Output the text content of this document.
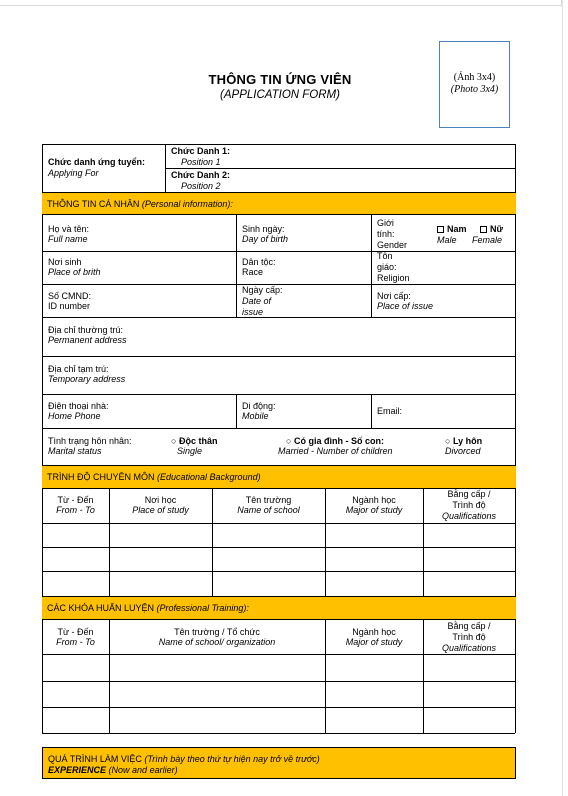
(Ảnh 3x4)
(Photo 3x4)
THÔNG TIN ỨNG VIÊN
(APPLICATION FORM)
Chức danh ứng tuyển:
Applying For
Chức Danh 1:
Position 1
Chức Danh 2:
Position 2
THÔNG TIN CÁ NHÂN (Personal information):
Họ và tên:
Full name
Sinh ngày:
Day of birth
Giới
tính:
Gender
Nam
Male
Nữ
Female
Nơi sinh
Place of brith
Dân tộc:
Race
Tôn
giáo:
Religion
Số CMND:
ID number
Ngày cấp:
Date of
issue
Nơi cấp:
Place of issue
Địa chỉ thường trú:
Permanent address
Địa chỉ tạm trú:
Temporary address
Điện thoại nhà:
Home Phone
Di động:
Mobile	Email:
Tình trạng hôn nhân:
Marital status
○ Độc thân
Single
○ Có gia đình - Số con:
Married - Number of children
○ Ly hôn
Divorced
TRÌNH ĐỘ CHUYÊN MÔN (Educational Background)
Từ - Đến
From - To
Nơi học
Place of study
Tên trường
Name of school
Ngành học
Major of study
Bằng cấp / Trình độ
Qualifications
CÁC KHÓA HUẤN LUYỆN (Professional Training):
Từ - Đến
From - To
Tên trường / Tổ chức
Name of school/ organization
Ngành học
Major of study
Bằng cấp / Trình độ
Qualifications
QUÁ TRÌNH LÀM VIỆC (Trình bày theo thứ tự hiện nay trở về trước)
EXPERIENCE (Now and earlier)
